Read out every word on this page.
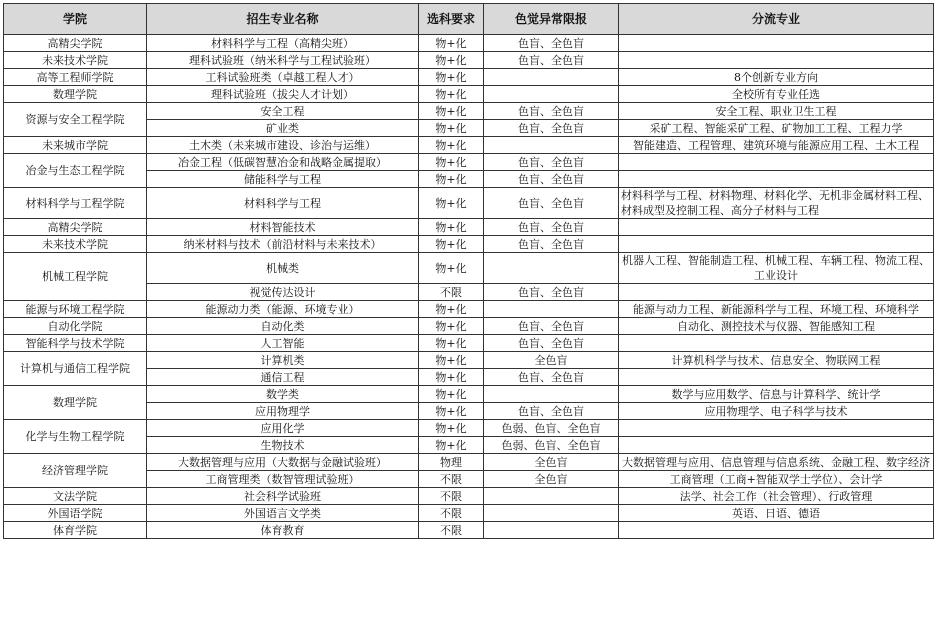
学院	招生专业名称	选科要求	色觉异常限报	分流专业
高精尖学院	材料科学与工程（高精尖班）	物+化	色盲、全色盲	
未来技术学院	理科试验班（纳米科学与工程试验班）	物+化	色盲、全色盲	
高等工程师学院	工科试验班类（卓越工程人才）	物+化		8个创新专业方向
数理学院	理科试验班（拔尖人才计划）	物+化		全校所有专业任选
资源与安全工程学院	安全工程	物+化	色盲、全色盲	安全工程、职业卫生工程
	矿业类	物+化	色盲、全色盲	采矿工程、智能采矿工程、矿物加工工程、工程力学
未来城市学院	土木类（未来城市建设、诊治与运维）	物+化		智能建造、工程管理、建筑环境与能源应用工程、土木工程
冶金与生态工程学院	冶金工程（低碳智慧冶金和战略金属提取）	物+化	色盲、全色盲	
	储能科学与工程	物+化	色盲、全色盲	
材料科学与工程学院	材料科学与工程	物+化	色盲、全色盲	材料科学与工程、材料物理、材料化学、无机非金属材料工程、材料成型及控制工程、高分子材料与工程
高精尖学院	材料智能技术	物+化	色盲、全色盲	
未来技术学院	纳米材料与技术（前沿材料与未来技术）	物+化	色盲、全色盲	
机械工程学院	机械类	物+化		机器人工程、智能制造工程、机械工程、车辆工程、物流工程、工业设计
	视觉传达设计	不限	色盲、全色盲	
能源与环境工程学院	能源动力类（能源、环境专业）	物+化		能源与动力工程、新能源科学与工程、环境工程、环境科学
自动化学院	自动化类	物+化	色盲、全色盲	自动化、测控技术与仪器、智能感知工程
智能科学与技术学院	人工智能	物+化	色盲、全色盲	
计算机与通信工程学院	计算机类	物+化	全色盲	计算机科学与技术、信息安全、物联网工程
	通信工程	物+化	色盲、全色盲	
数理学院	数学类	物+化		数学与应用数学、信息与计算科学、统计学
	应用物理学	物+化	色盲、全色盲	应用物理学、电子科学与技术
化学与生物工程学院	应用化学	物+化	色弱、色盲、全色盲	
	生物技术	物+化	色弱、色盲、全色盲	
经济管理学院	大数据管理与应用（大数据与金融试验班）	物理	全色盲	大数据管理与应用、信息管理与信息系统、金融工程、数字经济
	工商管理类（数智管理试验班）	不限	全色盲	工商管理（工商+智能双学士学位）、会计学
文法学院	社会科学试验班	不限		法学、社会工作（社会管理）、行政管理
外国语学院	外国语言文学类	不限		英语、日语、德语
体育学院	体育教育	不限		
